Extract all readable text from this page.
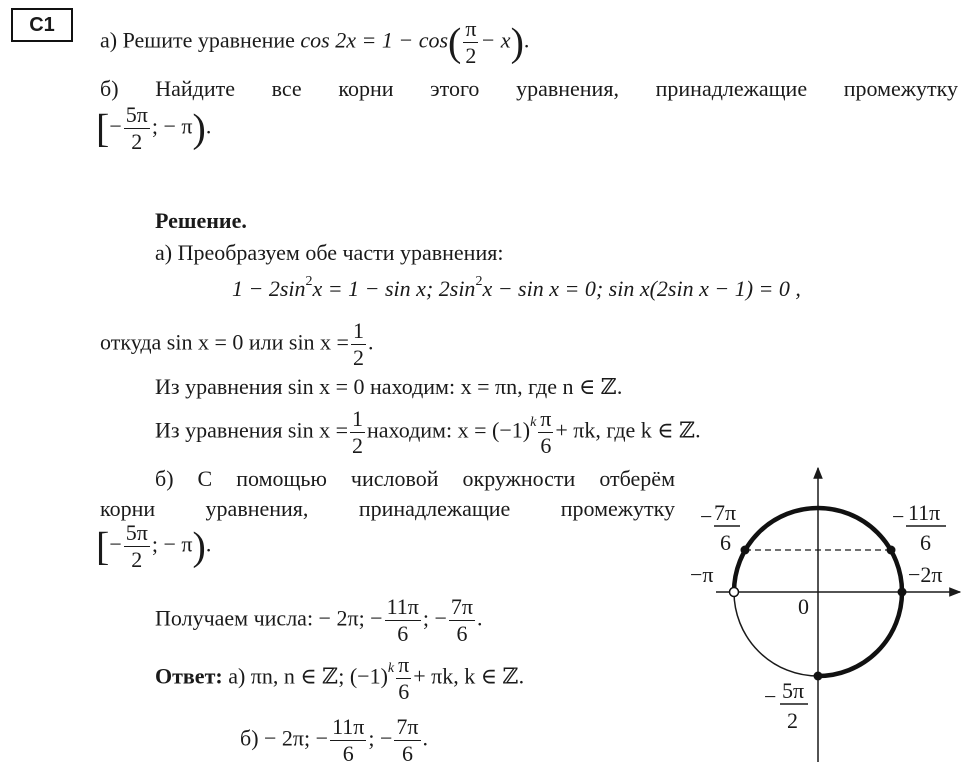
С1
а) Решите уравнение $\cos 2x = 1 - \cos( \frac{\pi}{2} - x)$.
б) Найдите все корни этого уравнения, принадлежащие промежутку
[− $\frac{5\pi}{2}$ ; − π).
Решение.
а) Преобразуем обе части уравнения:
$1 - 2\sin^2x = 1 - \sin x$; $2\sin^2x - \sin x = 0$; sin x(2sin x − 1) = 0 ,
откуда sin x = 0 или $\sin x = \frac{1}{2}$ .
Из уравнения sin x = 0 находим: x = πn, где n ∈ ℤ.
Из уравнения $\sin x = \frac{1}{2}$ находим: $x = (-1)^k \frac{\pi}{6} + \pi k$, где k ∈ ℤ.
б) С помощью числовой окружности отберём
корни уравнения, принадлежащие промежутку
[− $\frac{5\pi}{2}$ ; − π).
Получаем числа: − 2π; − $\frac{11\pi}{6}$ ; − $\frac{7\pi}{6}$ .
Ответ: а) πn, n ∈ ℤ; $(-1)^k \frac{\pi}{6} + \pi k$, k ∈ ℤ.
б) − 2π; − $\frac{11\pi}{6}$ ; − $\frac{7\pi}{6}$ .
− 7π
6
− 11π
6
−π	−2π
0
− 5π
2
